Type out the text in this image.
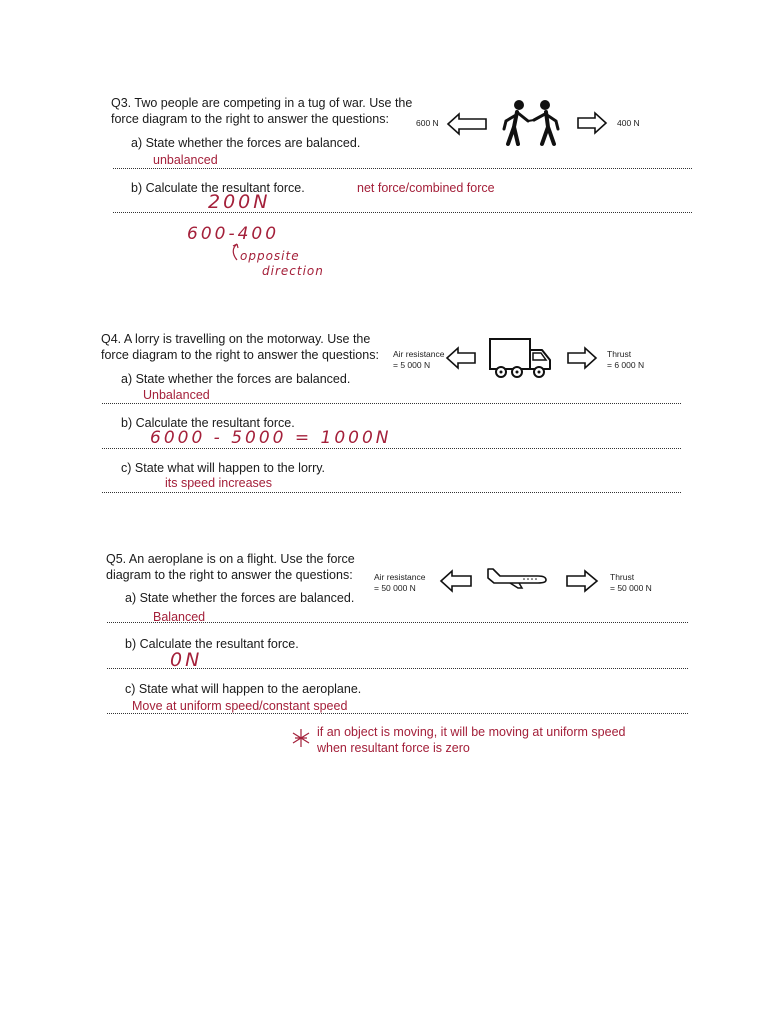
Q3. Two people are competing in a tug of war. Use the
force diagram to the right to answer the questions:	600 N	400 N
a) State whether the forces are balanced.
unbalanced
b) Calculate the resultant force.	net force/combined force
200N
600-400
opposite
direction
Q4. A lorry is travelling on the motorway. Use the
force diagram to the right to answer the questions: Air resistance
= 5 000 N
Thrust
= 6 000 N
a) State whether the forces are balanced.
Unbalanced
b) Calculate the resultant force.
6000 - 5000 = 1000N
c) State what will happen to the lorry.
its speed increases
Q5. An aeroplane is on a flight. Use the force
diagram to the right to answer the questions:	Air resistance
= 50 000 N
Thrust
= 50 000 N
a) State whether the forces are balanced.
Balanced
b) Calculate the resultant force.
0N
c) State what will happen to the aeroplane.
Move at uniform speed/constant speed
if an object is moving, it will be moving at uniform speed
when resultant force is zero
